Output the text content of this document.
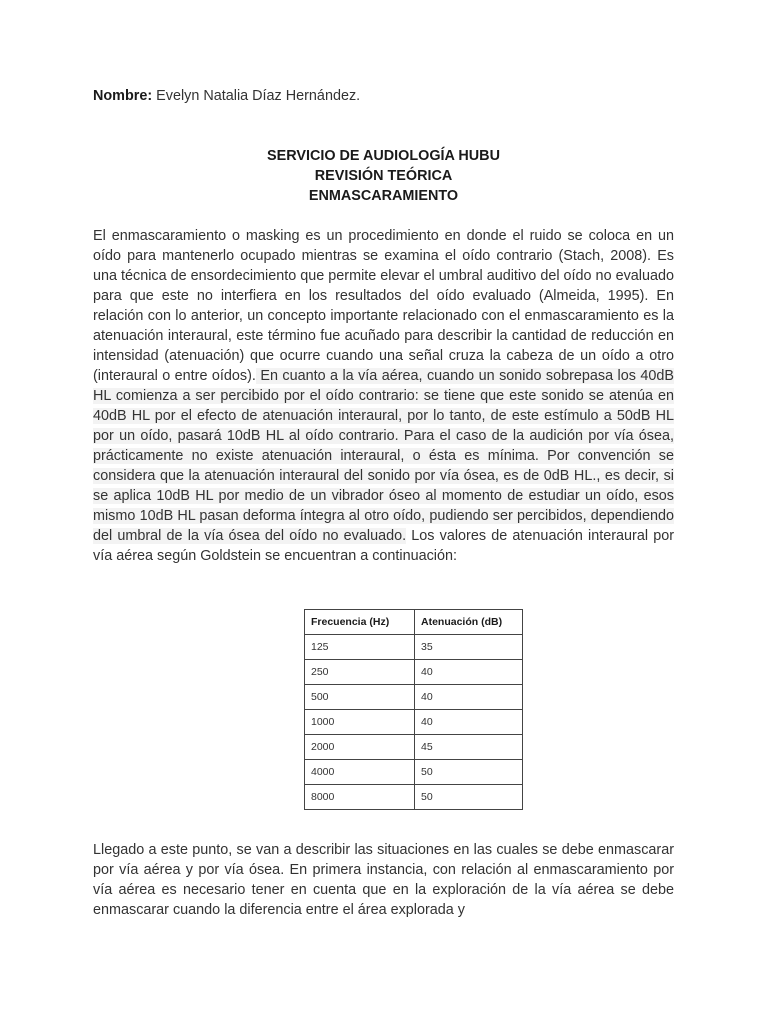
Nombre: Evelyn Natalia Díaz Hernández.
SERVICIO DE AUDIOLOGÍA HUBU
REVISIÓN TEÓRICA
ENMASCARAMIENTO

El enmascaramiento o masking es un procedimiento en donde el ruido se coloca en un oído para mantenerlo ocupado mientras se examina el oído contrario (Stach, 2008). Es una técnica de ensordecimiento que permite elevar el umbral auditivo del oído no evaluado para que este no interfiera en los resultados del oído evaluado (Almeida, 1995). En relación con lo anterior, un concepto importante relacionado con el enmascaramiento es la atenuación interaural, este término fue acuñado para describir la cantidad de reducción en intensidad (atenuación) que ocurre cuando una señal cruza la cabeza de un oído a otro (interaural o entre oídos). En cuanto a la vía aérea, cuando un sonido sobrepasa los 40dB HL comienza a ser percibido por el oído contrario: se tiene que este sonido se atenúa en 40dB HL por el efecto de atenuación interaural, por lo tanto, de este estímulo a 50dB HL por un oído, pasará 10dB HL al oído contrario. Para el caso de la audición por vía ósea, prácticamente no existe atenuación interaural, o ésta es mínima. Por convención se considera que la atenuación interaural del sonido por vía ósea, es de 0dB HL., es decir, si se aplica 10dB HL por medio de un vibrador óseo al momento de estudiar un oído, esos mismo 10dB HL pasan deforma íntegra al otro oído, pudiendo ser percibidos, dependiendo del umbral de la vía ósea del oído no evaluado. Los valores de atenuación interaural por vía aérea según Goldstein se encuentran a continuación:

Frecuencia (Hz)	Atenuación (dB)
125	35
250	40
500	40
1000	40
2000	45
4000	50
8000	50

Llegado a este punto, se van a describir las situaciones en las cuales se debe enmascarar por vía aérea y por vía ósea. En primera instancia, con relación al enmascaramiento por vía aérea es necesario tener en cuenta que en la exploración de la vía aérea se debe enmascarar cuando la diferencia entre el área explorada y
